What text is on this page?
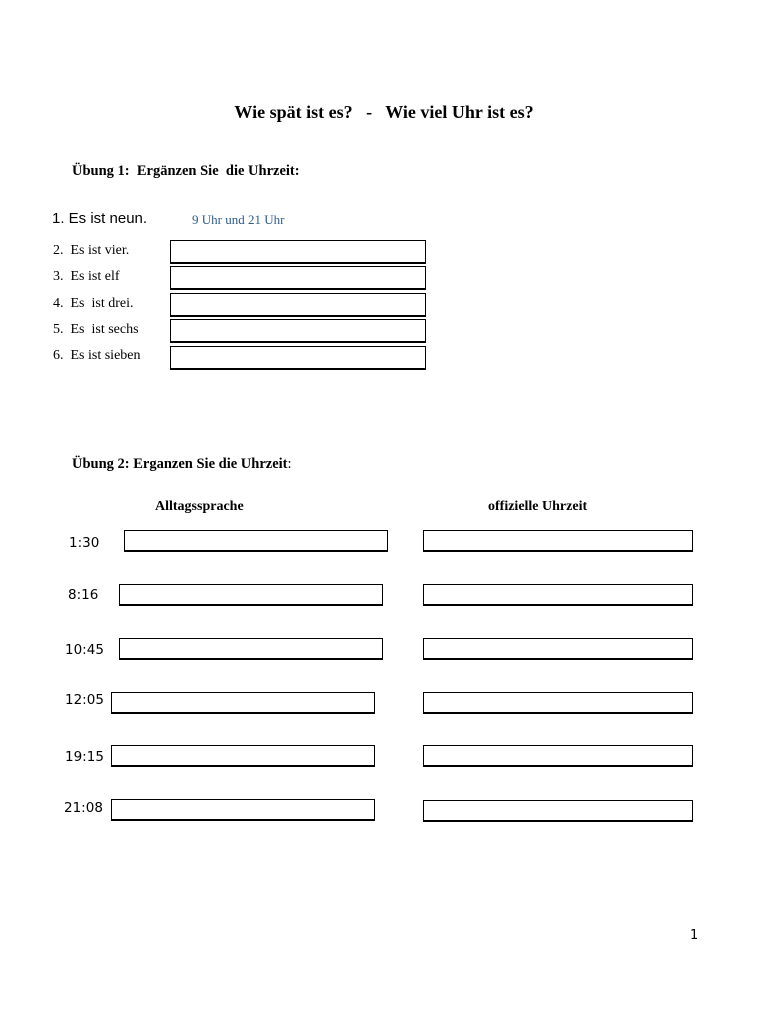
Wie spät ist es?   -   Wie viel Uhr ist es?
Übung 1:  Ergänzen Sie  die Uhrzeit:
1. Es ist neun.	9 Uhr und 21 Uhr
2.  Es ist vier.
3.  Es ist elf
4.  Es  ist drei.
5.  Es  ist sechs
6.  Es ist sieben
Übung 2: Erganzen Sie die Uhrzeit:
Alltagssprache	offizielle Uhrzeit
1:30
8:16
10:45
12:05
19:15
21:08
1
